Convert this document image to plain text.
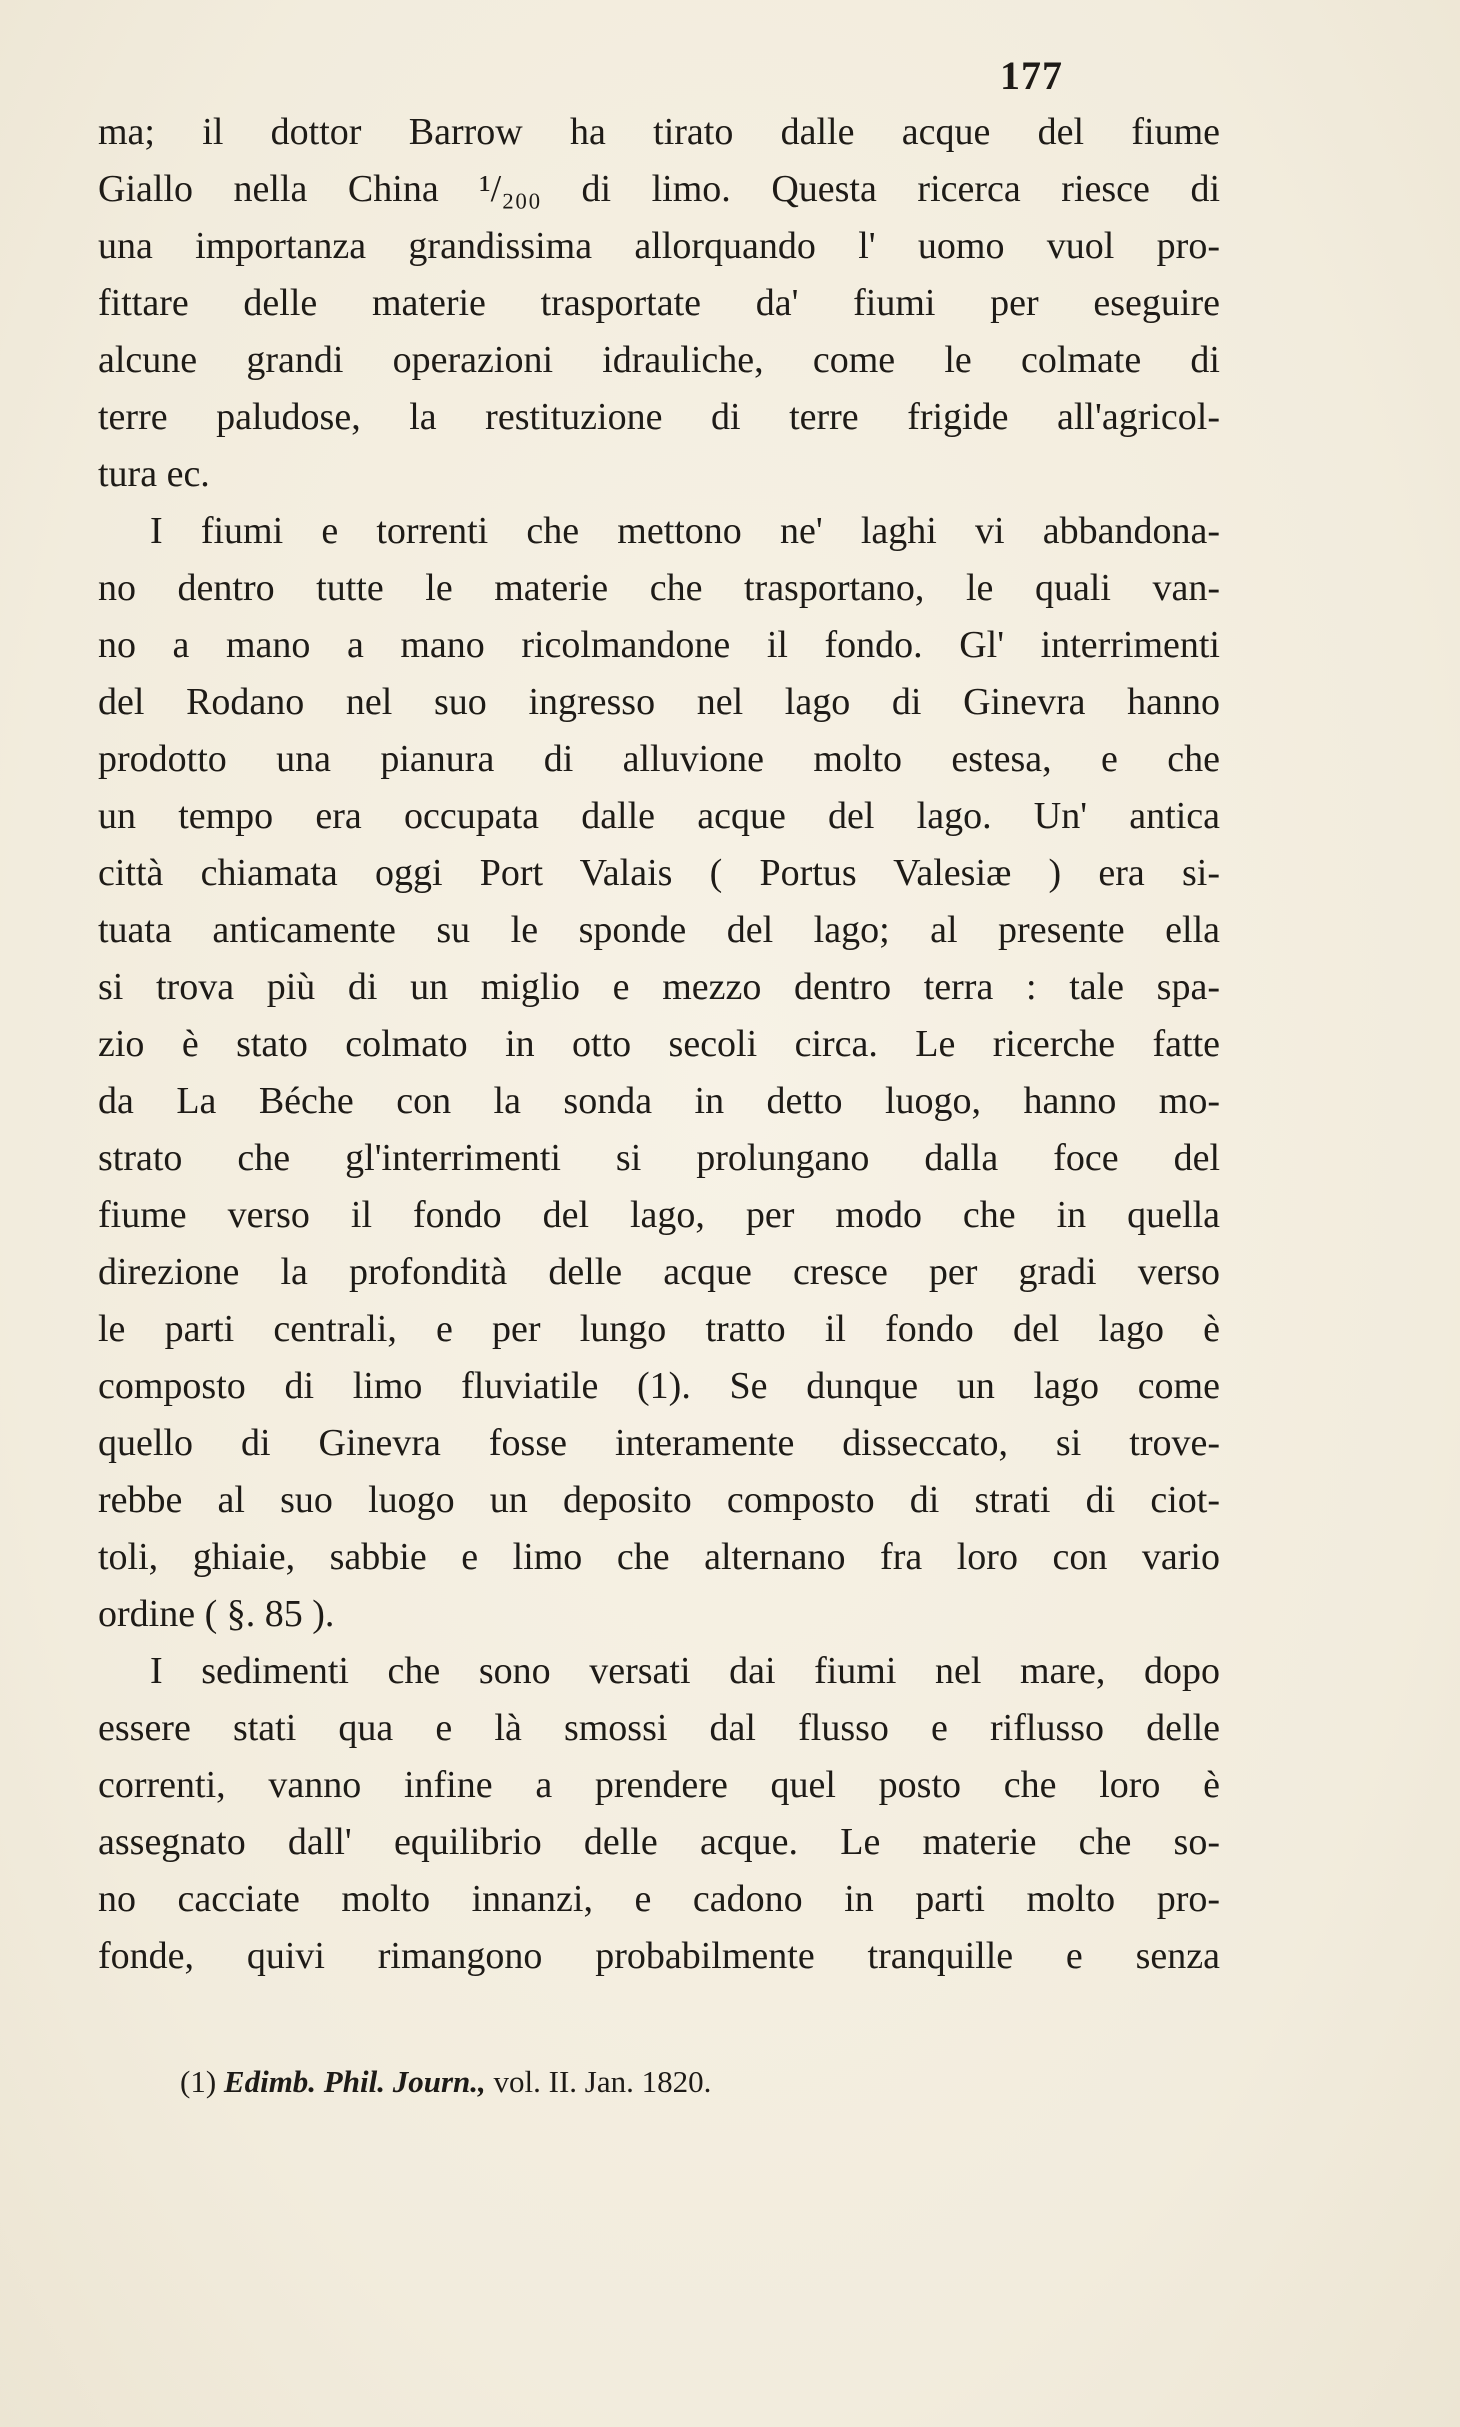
177
ma; il dottor Barrow ha tirato dalle acque del fiume
Giallo nella China ¹/₂₀₀ di limo. Questa ricerca riesce di
una importanza grandissima allorquando l' uomo vuol pro-
fittare delle materie trasportate da' fiumi per eseguire
alcune grandi operazioni idrauliche, come le colmate di
terre paludose, la restituzione di terre frigide all'agricol-
tura ec.
I fiumi e torrenti che mettono ne' laghi vi abbandona-
no dentro tutte le materie che trasportano, le quali van-
no a mano a mano ricolmandone il fondo. Gl' interrimenti
del Rodano nel suo ingresso nel lago di Ginevra hanno
prodotto una pianura di alluvione molto estesa, e che
un tempo era occupata dalle acque del lago. Un' antica
città chiamata oggi Port Valais ( Portus Valesiæ ) era si-
tuata anticamente su le sponde del lago; al presente ella
si trova più di un miglio e mezzo dentro terra : tale spa-
zio è stato colmato in otto secoli circa. Le ricerche fatte
da La Béche con la sonda in detto luogo, hanno mo-
strato che gl'interrimenti si prolungano dalla foce del
fiume verso il fondo del lago, per modo che in quella
direzione la profondità delle acque cresce per gradi verso
le parti centrali, e per lungo tratto il fondo del lago è
composto di limo fluviatile (1). Se dunque un lago come
quello di Ginevra fosse interamente disseccato, si trove-
rebbe al suo luogo un deposito composto di strati di ciot-
toli, ghiaie, sabbie e limo che alternano fra loro con vario
ordine ( §. 85 ).
I sedimenti che sono versati dai fiumi nel mare, dopo
essere stati qua e là smossi dal flusso e riflusso delle
correnti, vanno infine a prendere quel posto che loro è
assegnato dall' equilibrio delle acque. Le materie che so-
no cacciate molto innanzi, e cadono in parti molto pro-
fonde, quivi rimangono probabilmente tranquille e senza
(1) Edimb. Phil. Journ., vol. II. Jan. 1820.
